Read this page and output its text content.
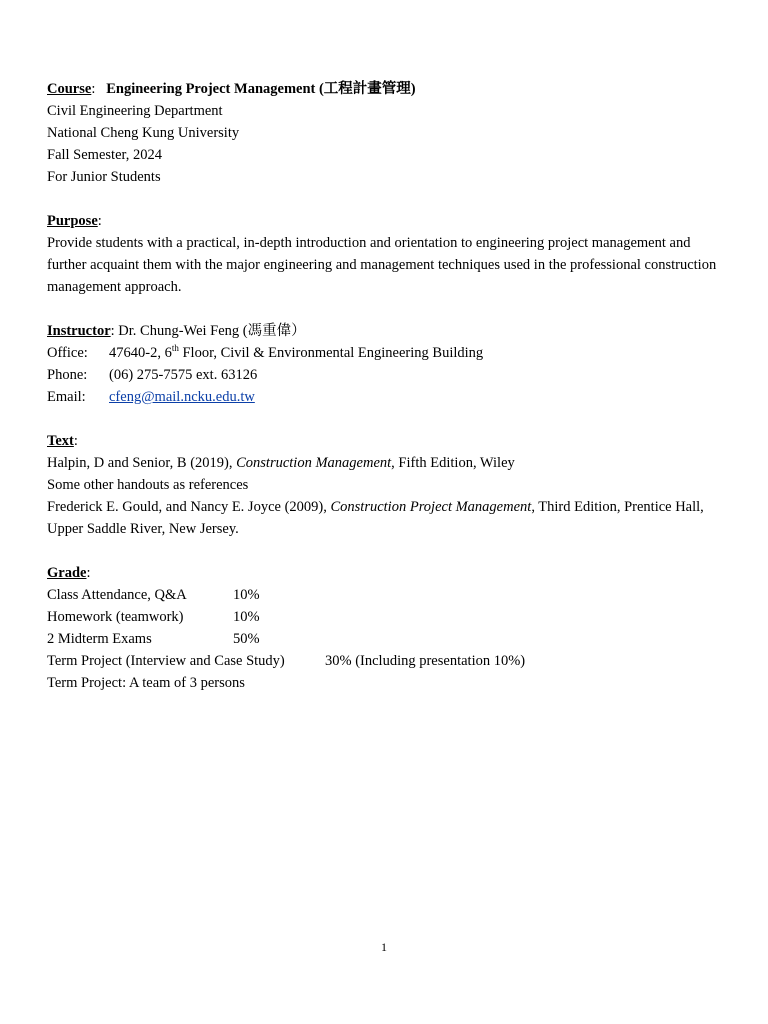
Course: Engineering Project Management (工程計畫管理)
Civil Engineering Department
National Cheng Kung University
Fall Semester, 2024
For Junior Students
Purpose:
Provide students with a practical, in-depth introduction and orientation to engineering project management and further acquaint them with the major engineering and management techniques used in the professional construction management approach.
Instructor: Dr. Chung-Wei Feng (馮重偉）
Office: 47640-2, 6th Floor, Civil & Environmental Engineering Building
Phone: (06) 275-7575 ext. 63126
Email: cfeng@mail.ncku.edu.tw
Text:
Halpin, D and Senior, B (2019), Construction Management, Fifth Edition, Wiley
Some other handouts as references
Frederick E. Gould, and Nancy E. Joyce (2009), Construction Project Management, Third Edition, Prentice Hall, Upper Saddle River, New Jersey.
Grade:
Class Attendance, Q&A	10%
Homework (teamwork)	10%
2 Midterm Exams	50%
Term Project (Interview and Case Study)	30% (Including presentation 10%)
Term Project: A team of 3 persons
1
